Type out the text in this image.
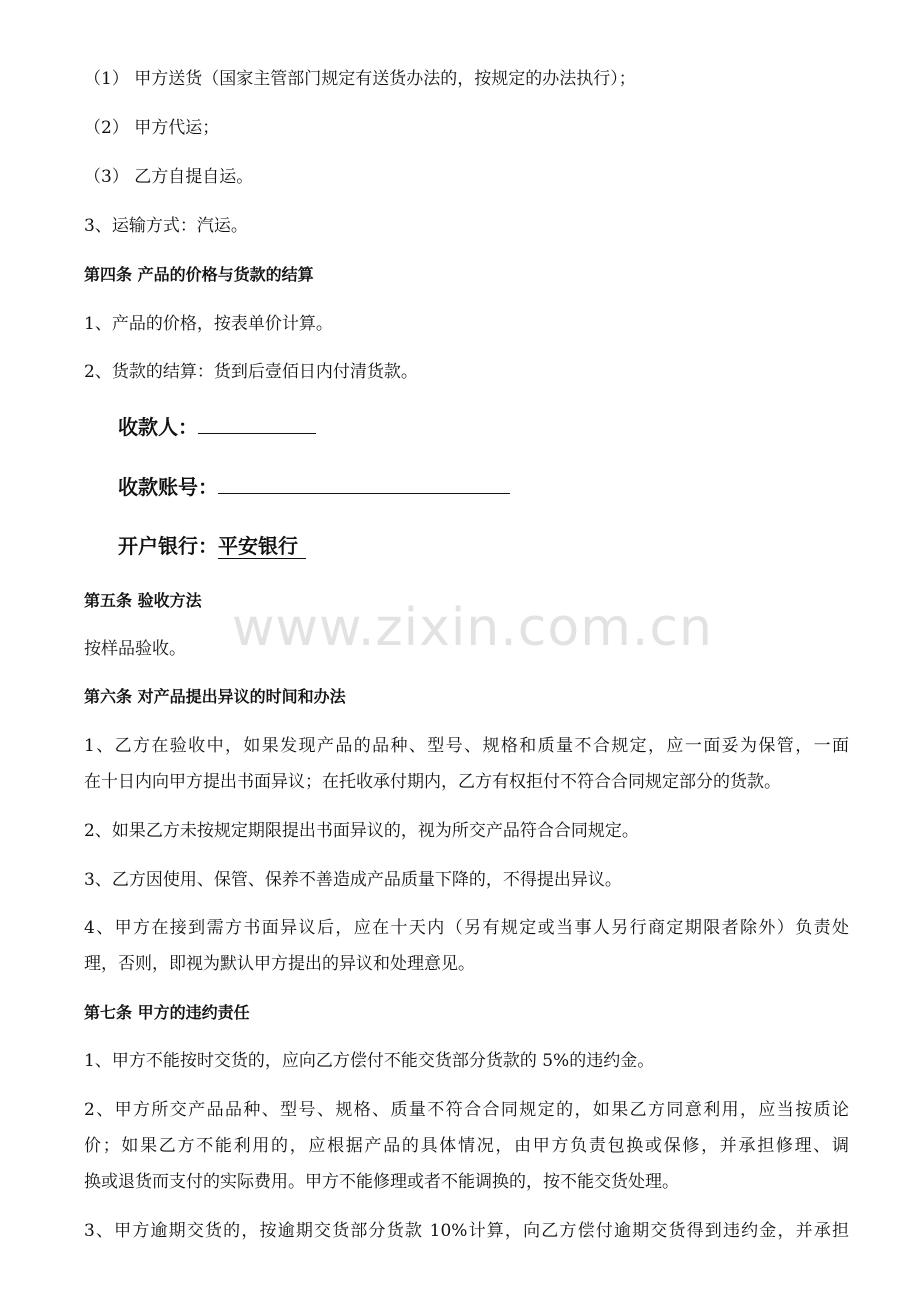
（1） 甲方送货（国家主管部门规定有送货办法的，按规定的办法执行）；
（2） 甲方代运；
（3） 乙方自提自运。
3、运输方式：汽运。
第四条 产品的价格与货款的结算
1、产品的价格，按表单价计算。
2、货款的结算：货到后壹佰日内付清货款。
收款人：
收款账号：
开户银行：平安银行
第五条 验收方法
按样品验收。
第六条 对产品提出异议的时间和办法
1、乙方在验收中，如果发现产品的品种、型号、规格和质量不合规定，应一面妥为保管，一面
在十日内向甲方提出书面异议；在托收承付期内，乙方有权拒付不符合合同规定部分的货款。
2、如果乙方未按规定期限提出书面异议的，视为所交产品符合合同规定。
3、乙方因使用、保管、保养不善造成产品质量下降的，不得提出异议。
4、甲方在接到需方书面异议后，应在十天内（另有规定或当事人另行商定期限者除外）负责处
理，否则，即视为默认甲方提出的异议和处理意见。
第七条 甲方的违约责任
1、甲方不能按时交货的，应向乙方偿付不能交货部分货款的 5%的违约金。
2、甲方所交产品品种、型号、规格、质量不符合合同规定的，如果乙方同意利用，应当按质论
价；如果乙方不能利用的，应根据产品的具体情况，由甲方负责包换或保修，并承担修理、调
换或退货而支付的实际费用。甲方不能修理或者不能调换的，按不能交货处理。
3、甲方逾期交货的，按逾期交货部分货款 10%计算，向乙方偿付逾期交货得到违约金，并承担
www.zixin.com.cn
